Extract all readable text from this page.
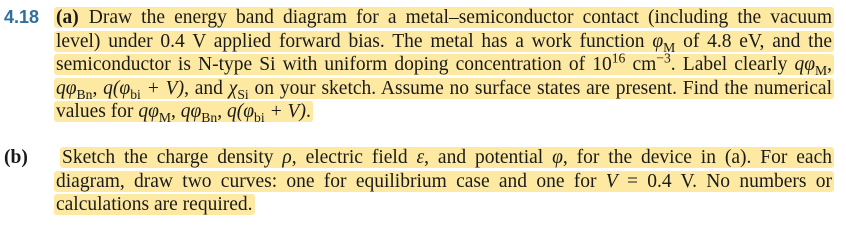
4.18 (a) Draw the energy band diagram for a metal–semiconductor contact (including the vacuum level) under 0.4 V applied forward bias. The metal has a work function $\varphi_M$ of 4.8 eV, and the semiconductor is N-type Si with uniform doping concentration of $10^{16}$ $cm^{-3}$. Label clearly $q\varphi_M$, $q\varphi_{Bn}$, $q(\varphi_{bi} + V)$, and $\chi_{Si}$ on your sketch. Assume no surface states are present. Find the numerical values for $q\varphi_M$, $q\varphi_{Bn}$, $q(\varphi_{bi} + V)$.
(b) Sketch the charge density ρ, electric field ε, and potential φ, for the device in (a). For each diagram, draw two curves: one for equilibrium case and one for V = 0.4 V. No numbers or calculations are required.
